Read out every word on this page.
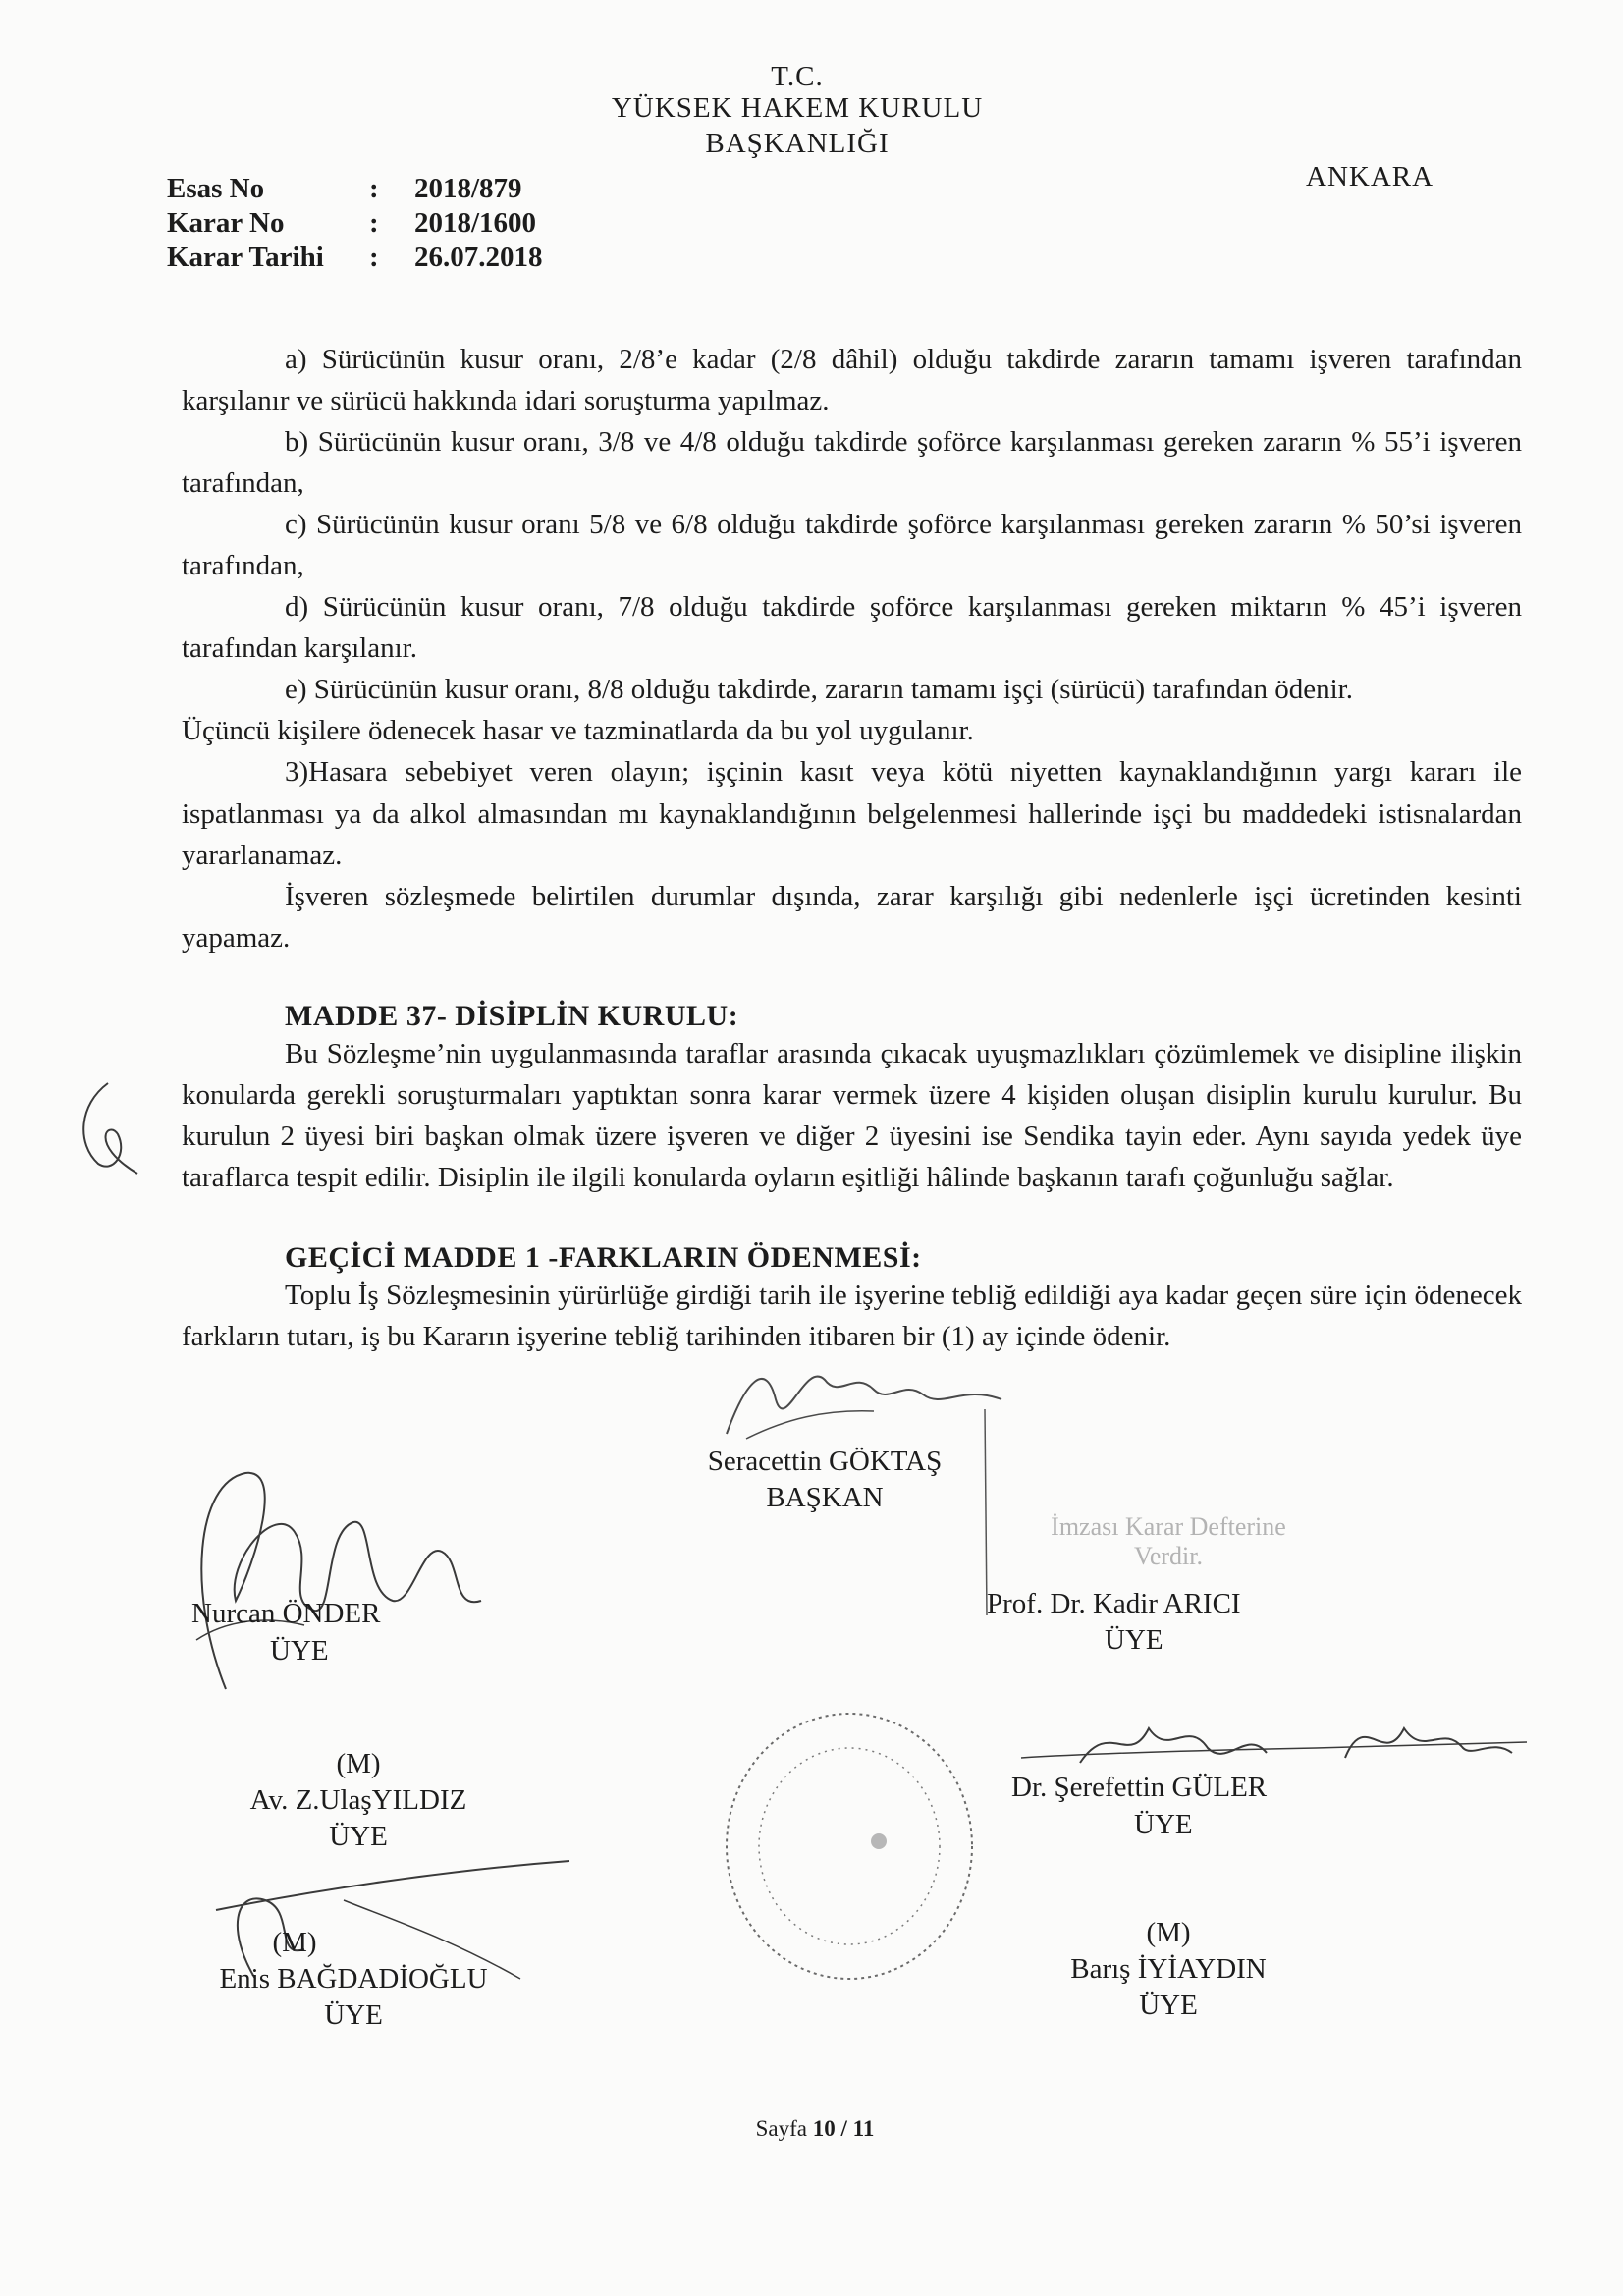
T.C.
YÜKSEK HAKEM KURULU
BAŞKANLIĞI
ANKARA
Esas No	:	2018/879
Karar No	:	2018/1600
Karar Tarihi	:	26.07.2018

a) Sürücünün kusur oranı, 2/8’e kadar (2/8 dâhil) olduğu takdirde zararın tamamı işveren tarafından karşılanır ve sürücü hakkında idari soruşturma yapılmaz.

b) Sürücünün kusur oranı, 3/8 ve 4/8 olduğu takdirde şoförce karşılanması gereken zararın % 55’i işveren tarafından,

c) Sürücünün kusur oranı 5/8 ve 6/8 olduğu takdirde şoförce karşılanması gereken zararın % 50’si işveren tarafından,

d) Sürücünün kusur oranı, 7/8 olduğu takdirde şoförce karşılanması gereken miktarın % 45’i işveren tarafından karşılanır.

e) Sürücünün kusur oranı, 8/8 olduğu takdirde, zararın tamamı işçi (sürücü) tarafından ödenir.

Üçüncü kişilere ödenecek hasar ve tazminatlarda da bu yol uygulanır.

3)Hasara sebebiyet veren olayın; işçinin kasıt veya kötü niyetten kaynaklandığının yargı kararı ile ispatlanması ya da alkol almasından mı kaynaklandığının belgelenmesi hallerinde işçi bu maddedeki istisnalardan yararlanamaz.

İşveren sözleşmede belirtilen durumlar dışında, zarar karşılığı gibi nedenlerle işçi ücretinden kesinti yapamaz.

MADDE 37- DİSİPLİN KURULU:

Bu Sözleşme’nin uygulanmasında taraflar arasında çıkacak uyuşmazlıkları çözümlemek ve disipline ilişkin konularda gerekli soruşturmaları yaptıktan sonra karar vermek üzere 4 kişiden oluşan disiplin kurulu kurulur. Bu kurulun 2 üyesi biri başkan olmak üzere işveren ve diğer 2 üyesini ise Sendika tayin eder. Aynı sayıda yedek üye taraflarca tespit edilir. Disiplin ile ilgili konularda oyların eşitliği hâlinde başkanın tarafı çoğunluğu sağlar.

GEÇİCİ MADDE 1 -FARKLARIN ÖDENMESİ:

Toplu İş Sözleşmesinin yürürlüğe girdiği tarih ile işyerine tebliğ edildiği aya kadar geçen süre için ödenecek farkların tutarı, iş bu Kararın işyerine tebliğ tarihinden itibaren bir (1) ay içinde ödenir.

Seracettin GÖKTAŞ
BAŞKAN
Nurcan ÖNDER
ÜYE
İmzası Karar Defterine
Verdir.
Prof. Dr. Kadir ARICI
ÜYE
(M)
Av. Z.UlaşYILDIZ
ÜYE
Dr. Şerefettin GÜLER
ÜYE
(M)
Enis BAĞDADİOĞLU
ÜYE
(M)
Barış İYİAYDIN
ÜYE
Sayfa 10 / 11
